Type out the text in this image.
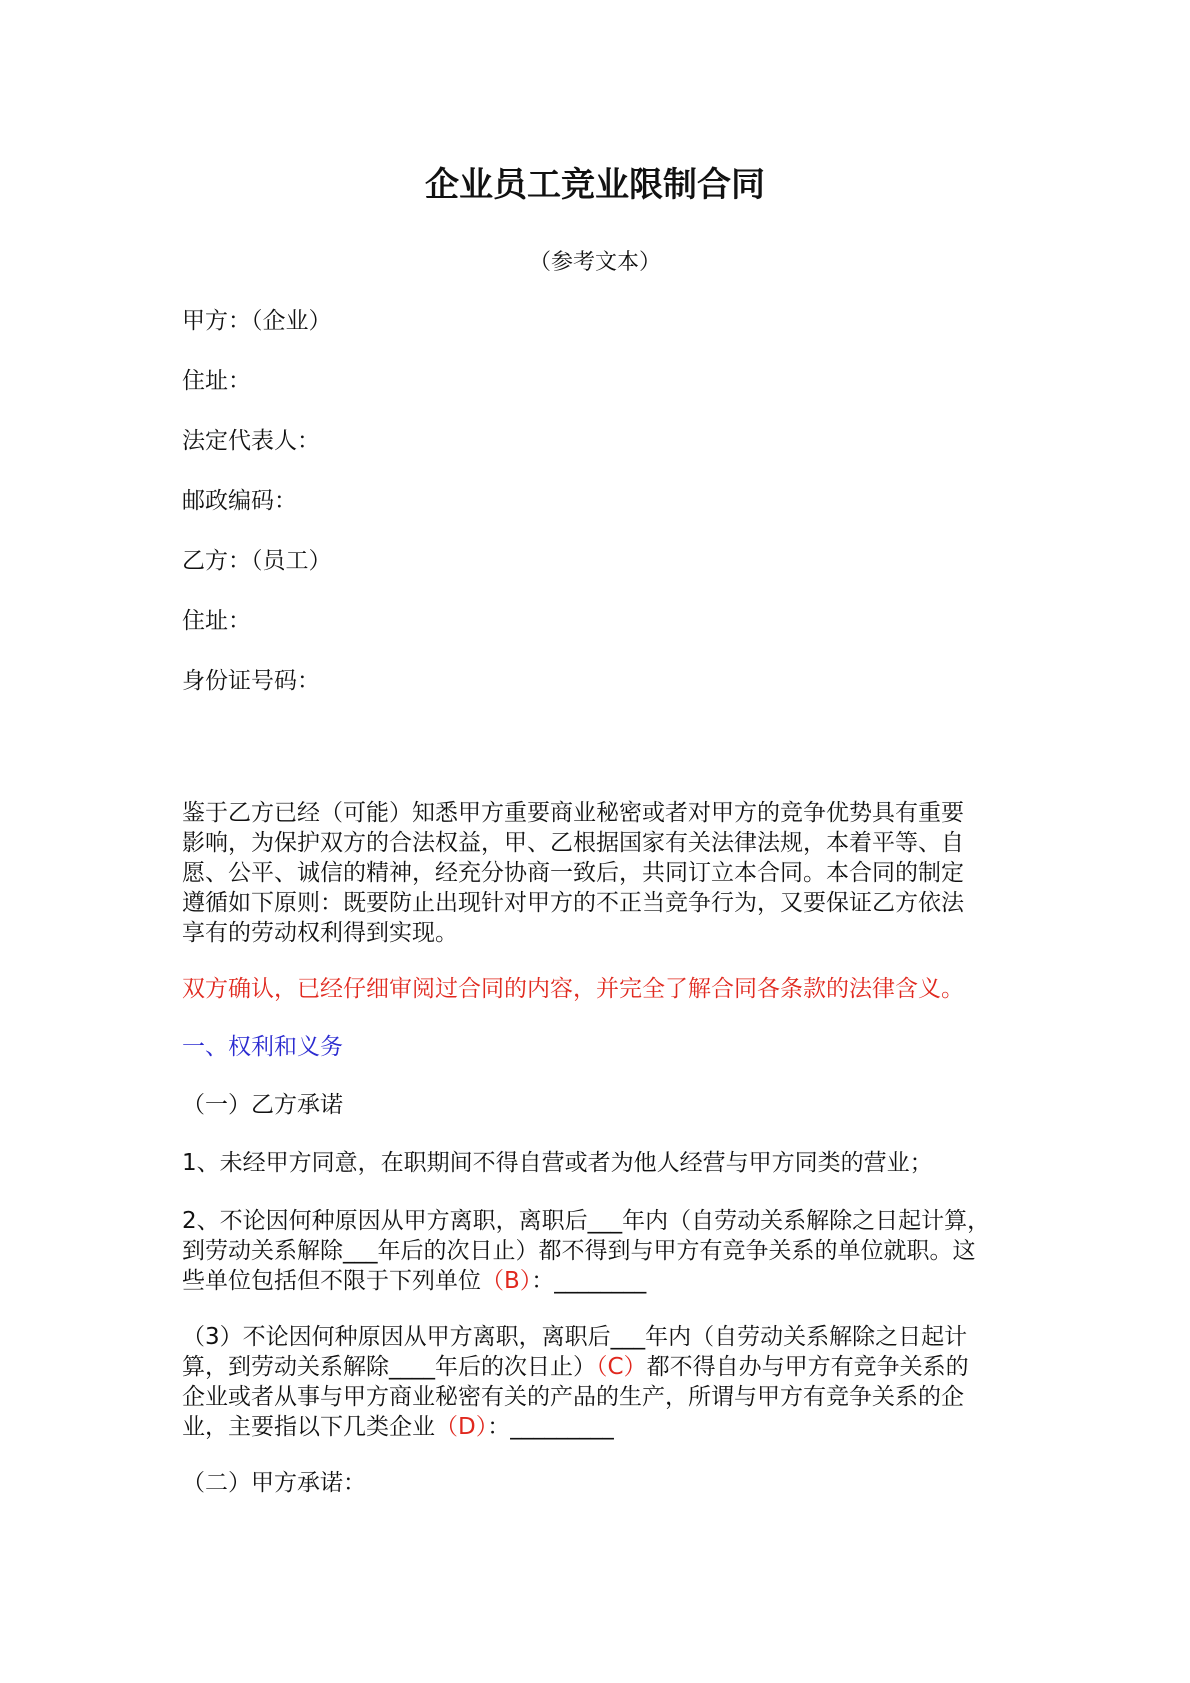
企业员工竞业限制合同

（参考文本）

甲方：（企业）

住址：

法定代表人：

邮政编码：

乙方：（员工）

住址：

身份证号码：

鉴于乙方已经（可能）知悉甲方重要商业秘密或者对甲方的竞争优势具有重要
影响，为保护双方的合法权益，甲、乙根据国家有关法律法规，本着平等、自
愿、公平、诚信的精神，经充分协商一致后，共同订立本合同。本合同的制定
遵循如下原则：既要防止出现针对甲方的不正当竞争行为，又要保证乙方依法
享有的劳动权利得到实现。

双方确认，已经仔细审阅过合同的内容，并完全了解合同各条款的法律含义。

一、权利和义务

（一）乙方承诺

1、未经甲方同意，在职期间不得自营或者为他人经营与甲方同类的营业；

2、不论因何种原因从甲方离职，离职后___年内（自劳动关系解除之日起计算，
到劳动关系解除___年后的次日止）都不得到与甲方有竞争关系的单位就职。这
些单位包括但不限于下列单位（B）：________
（3）不论因何种原因从甲方离职，离职后___年内（自劳动关系解除之日起计
算，到劳动关系解除____年后的次日止）（C）都不得自办与甲方有竞争关系的
企业或者从事与甲方商业秘密有关的产品的生产，所谓与甲方有竞争关系的企
业，主要指以下几类企业（D）：_________

（二）甲方承诺：
